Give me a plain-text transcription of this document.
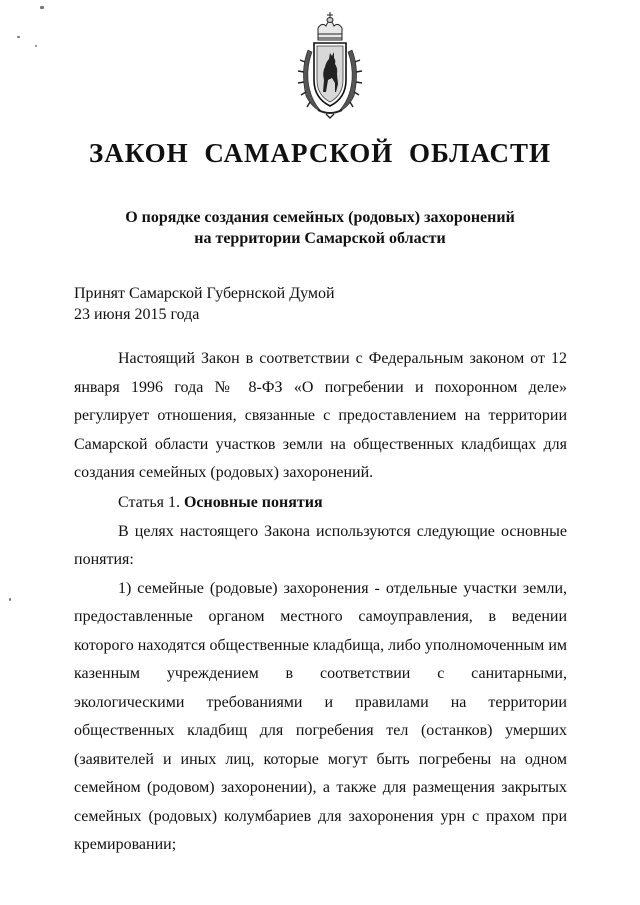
ЗАКОН САМАРСКОЙ ОБЛАСТИ
О порядке создания семейных (родовых) захоронений
на территории Самарской области
Принят Самарской Губернской Думой
23 июня 2015 года

Настоящий Закон в соответствии с Федеральным законом от 12 января 1996 года № 8-ФЗ «О погребении и похоронном деле» регулирует отношения, связанные с предоставлением на территории Самарской области участков земли на общественных кладбищах для создания семейных (родовых) захоронений.

Статья 1. Основные понятия

В целях настоящего Закона используются следующие основные понятия:

1) семейные (родовые) захоронения - отдельные участки земли, предоставленные органом местного самоуправления, в ведении которого находятся общественные кладбища, либо уполномоченным им казенным учреждением в соответствии с санитарными, экологическими требованиями и правилами на территории общественных кладбищ для погребения тел (останков) умерших (заявителей и иных лиц, которые могут быть погребены на одном семейном (родовом) захоронении), а также для размещения закрытых семейных (родовых) колумбариев для захоронения урн с прахом при кремировании;
